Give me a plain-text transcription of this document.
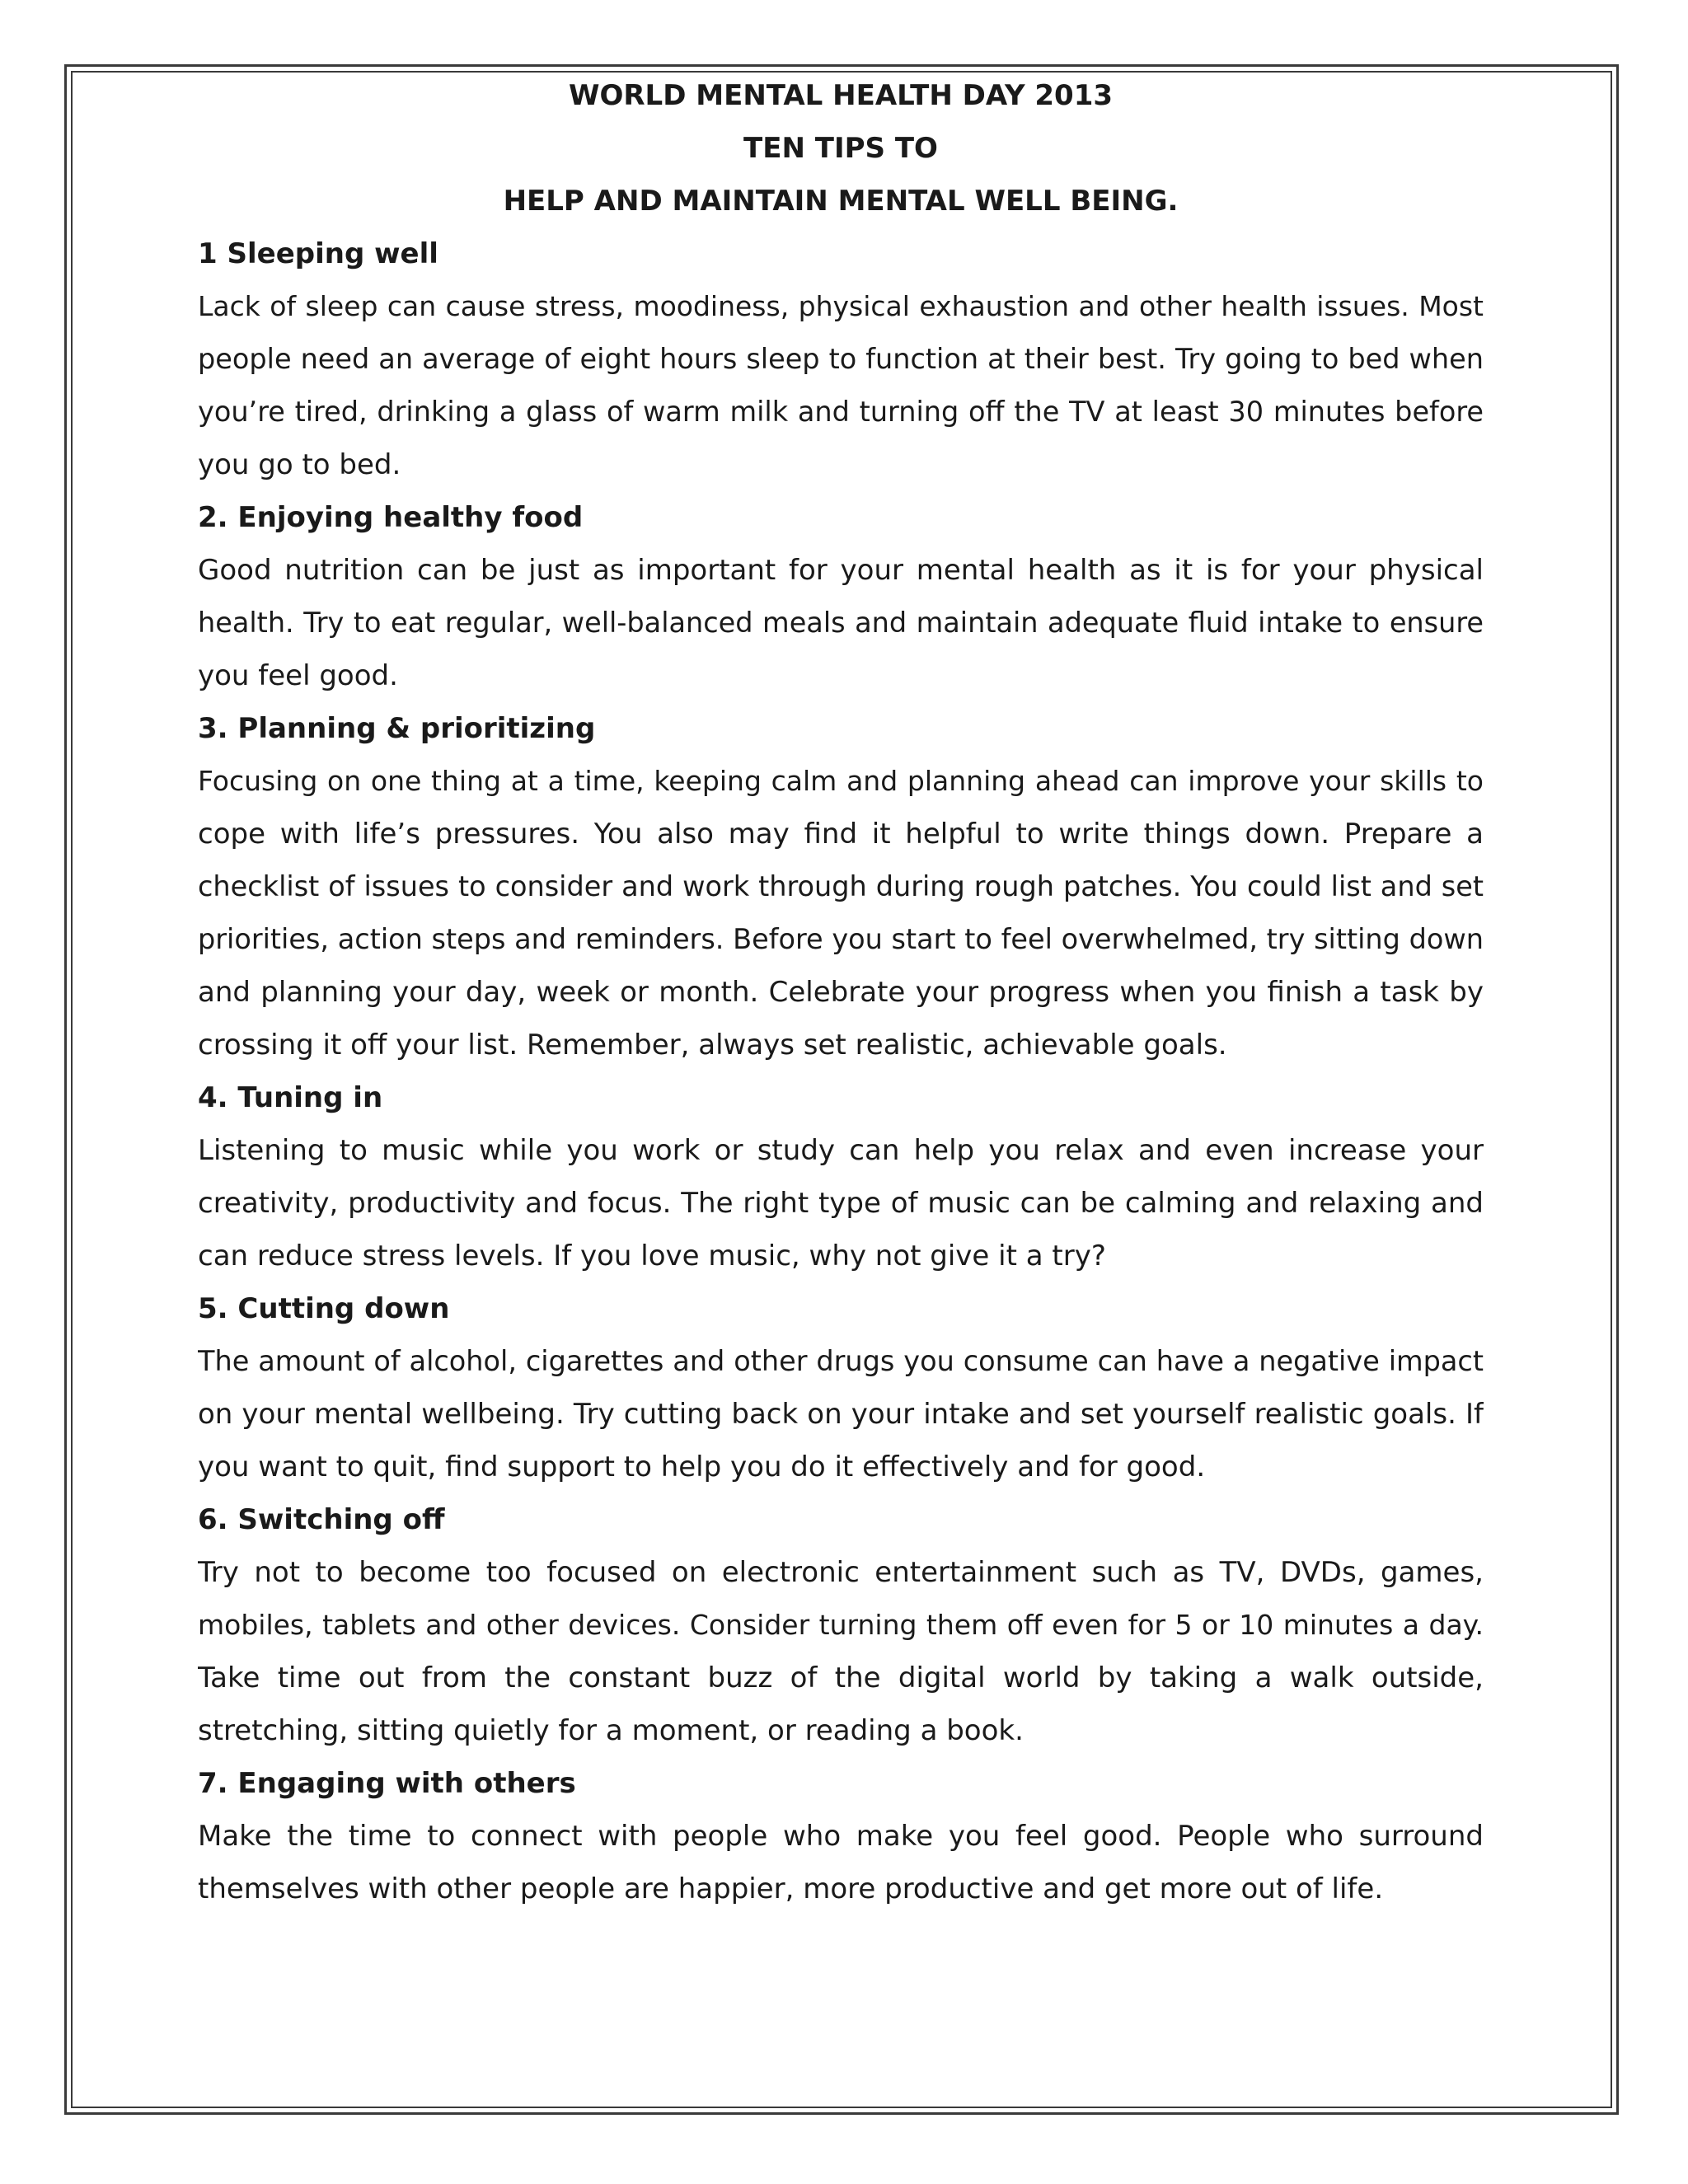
WORLD MENTAL HEALTH DAY 2013
TEN TIPS TO
HELP AND MAINTAIN MENTAL WELL BEING.
1 Sleeping well
Lack of sleep can cause stress, moodiness, physical exhaustion and other health issues. Most
people need an average of eight hours sleep to function at their best. Try going to bed when
you’re tired, drinking a glass of warm milk and turning off the TV at least 30 minutes before
you go to bed.
2. Enjoying healthy food
Good nutrition can be just as important for your mental health as it is for your physical
health. Try to eat regular, well-balanced meals and maintain adequate fluid intake to ensure
you feel good.
3. Planning & prioritizing
Focusing on one thing at a time, keeping calm and planning ahead can improve your skills to
cope with life’s pressures. You also may find it helpful to write things down. Prepare a
checklist of issues to consider and work through during rough patches. You could list and set
priorities, action steps and reminders. Before you start to feel overwhelmed, try sitting down
and planning your day, week or month. Celebrate your progress when you finish a task by
crossing it off your list. Remember, always set realistic, achievable goals.
4. Tuning in
Listening to music while you work or study can help you relax and even increase your
creativity, productivity and focus. The right type of music can be calming and relaxing and
can reduce stress levels. If you love music, why not give it a try?
5. Cutting down
The amount of alcohol, cigarettes and other drugs you consume can have a negative impact
on your mental wellbeing. Try cutting back on your intake and set yourself realistic goals. If
you want to quit, find support to help you do it effectively and for good.
6. Switching off
Try not to become too focused on electronic entertainment such as TV, DVDs, games,
mobiles, tablets and other devices. Consider turning them off even for 5 or 10 minutes a day.
Take time out from the constant buzz of the digital world by taking a walk outside,
stretching, sitting quietly for a moment, or reading a book.
7. Engaging with others
Make the time to connect with people who make you feel good. People who surround
themselves with other people are happier, more productive and get more out of life.
